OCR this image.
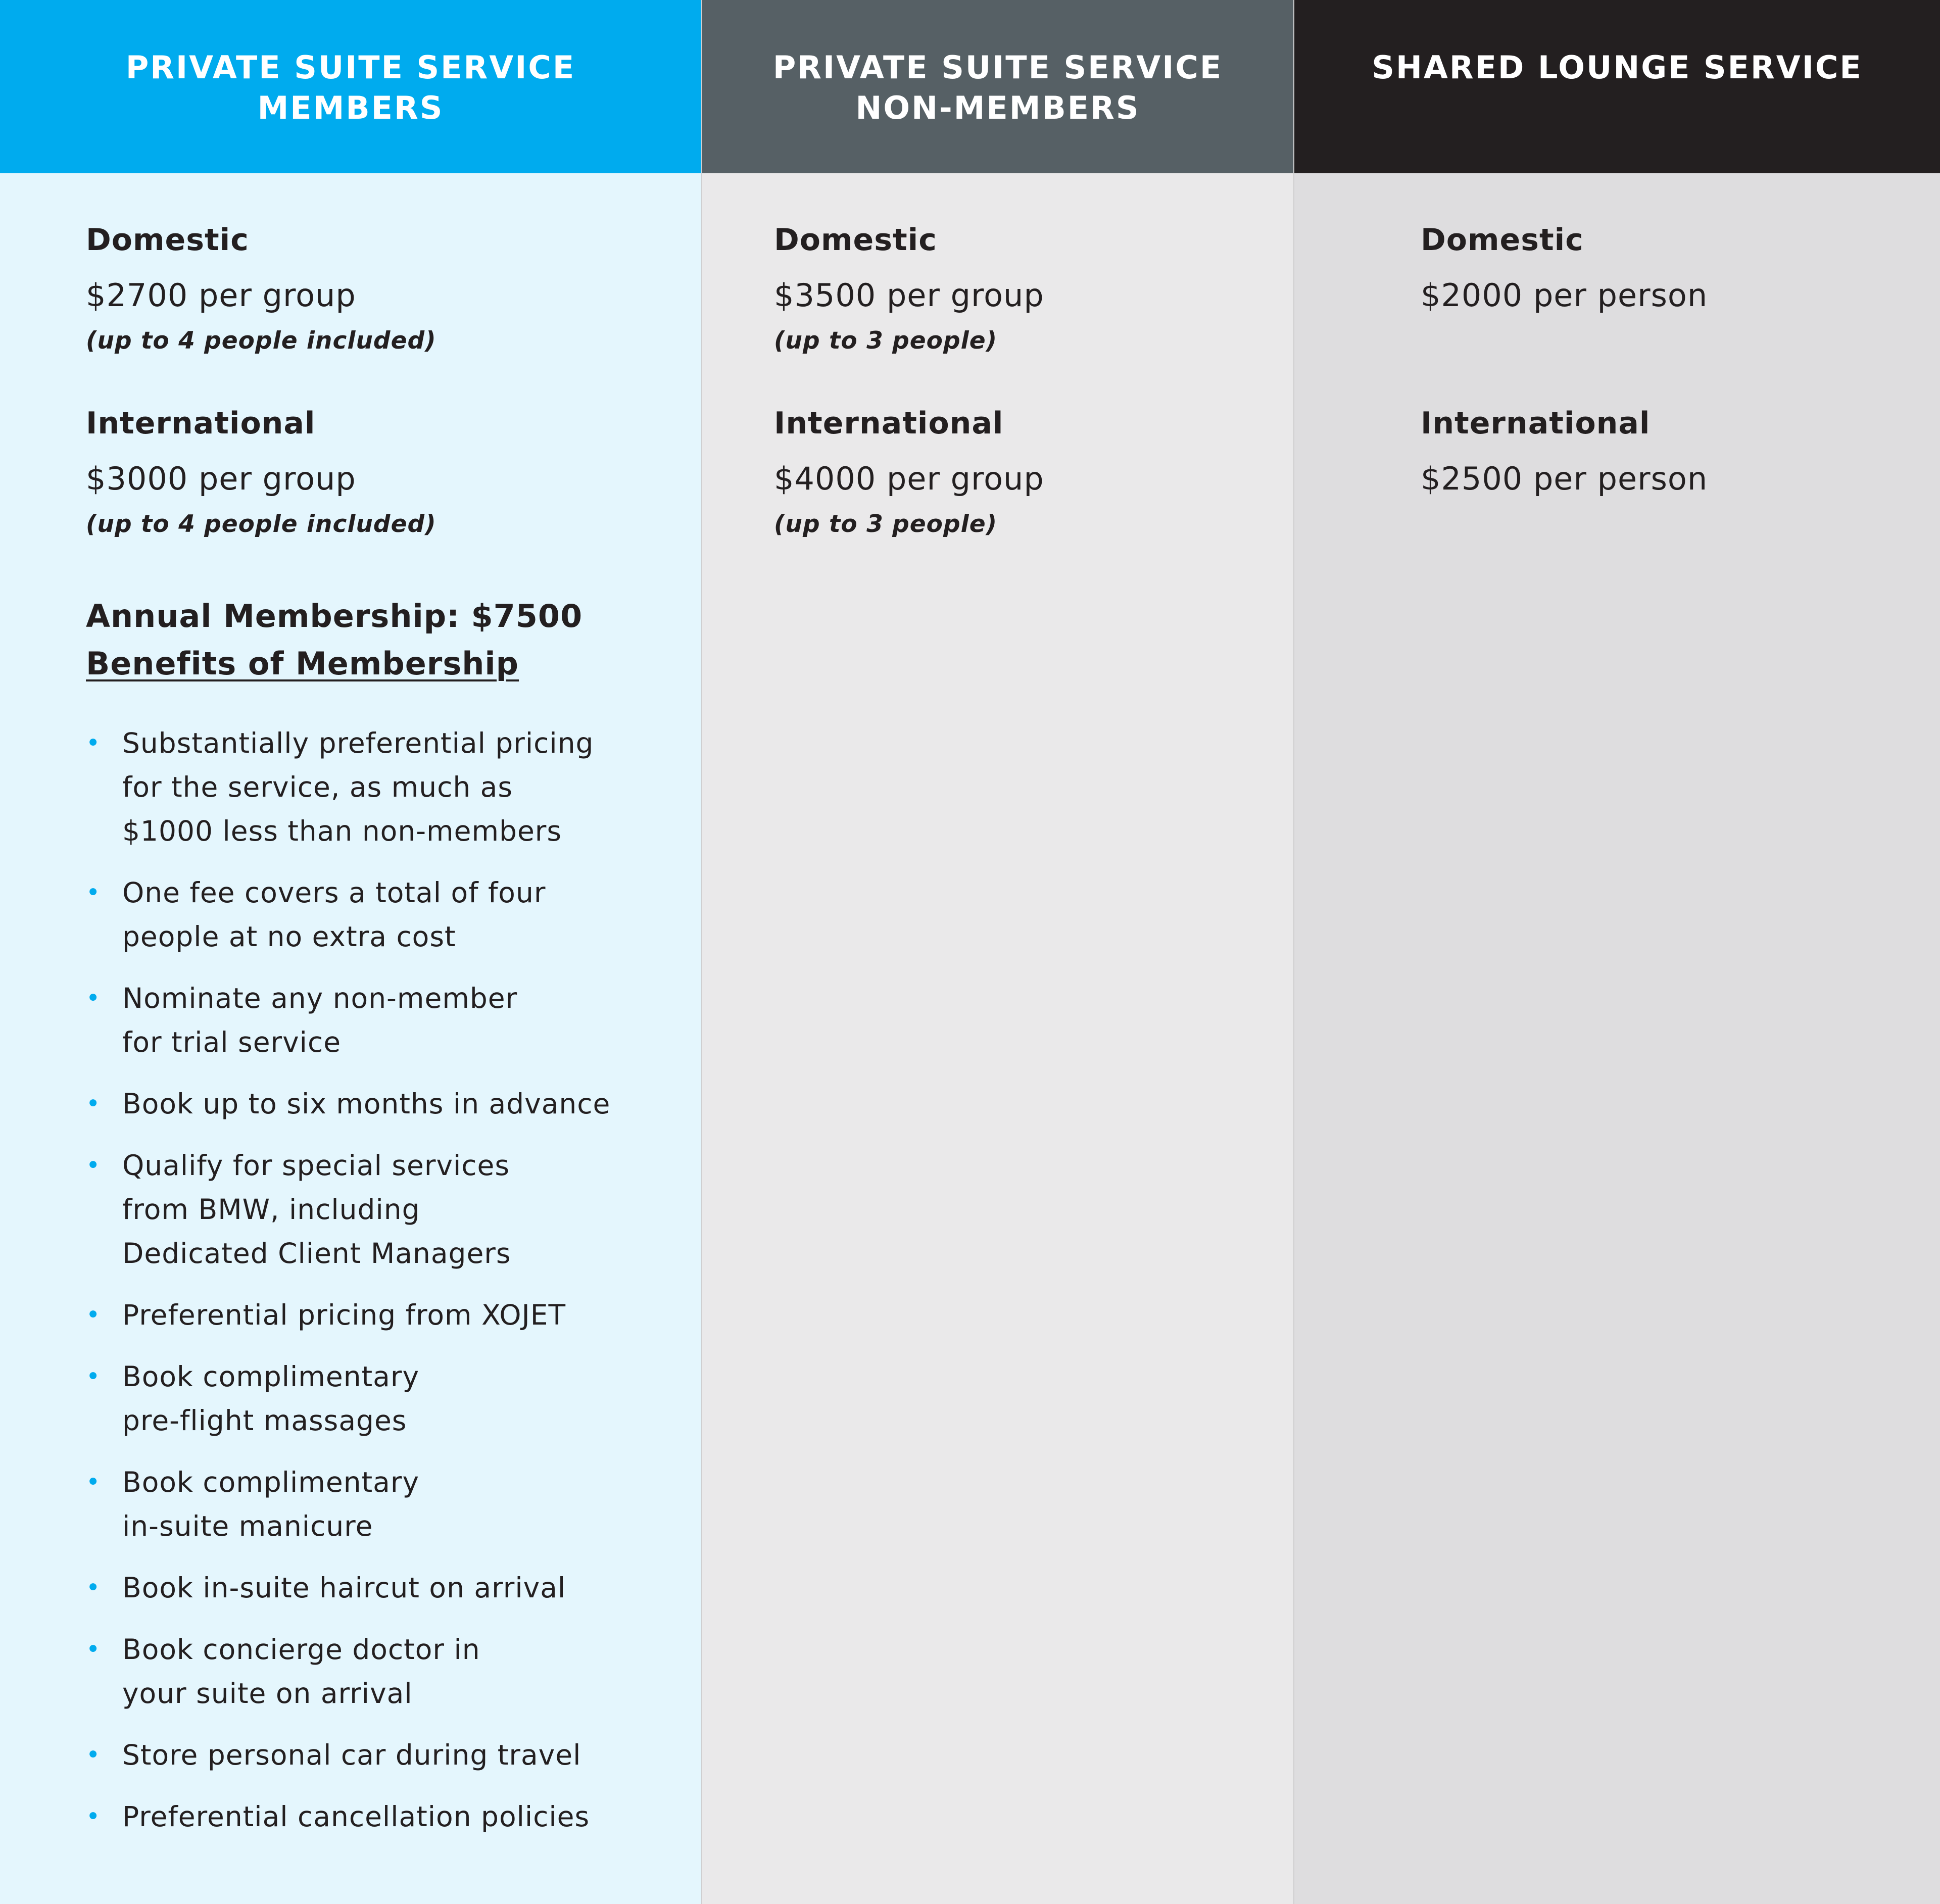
PRIVATE SUITE SERVICE
MEMBERS
Domestic
$2700 per group
(up to 4 people included)
International
$3000 per group
(up to 4 people included)
Annual Membership: $7500
Benefits of Membership
• Substantially preferential pricing
for the service, as much as
$1000 less than non-members
• One fee covers a total of four
people at no extra cost
• Nominate any non-member
for trial service
• Book up to six months in advance
• Qualify for special services
from BMW, including
Dedicated Client Managers
• Preferential pricing from XOJET
• Book complimentary
pre-flight massages
• Book complimentary
in-suite manicure
• Book in-suite haircut on arrival
• Book concierge doctor in
your suite on arrival
• Store personal car during travel
• Preferential cancellation policies
PRIVATE SUITE SERVICE
NON-MEMBERS
Domestic
$3500 per group
(up to 3 people)
International
$4000 per group
(up to 3 people)
SHARED LOUNGE SERVICE
Domestic
$2000 per person
International
$2500 per person
